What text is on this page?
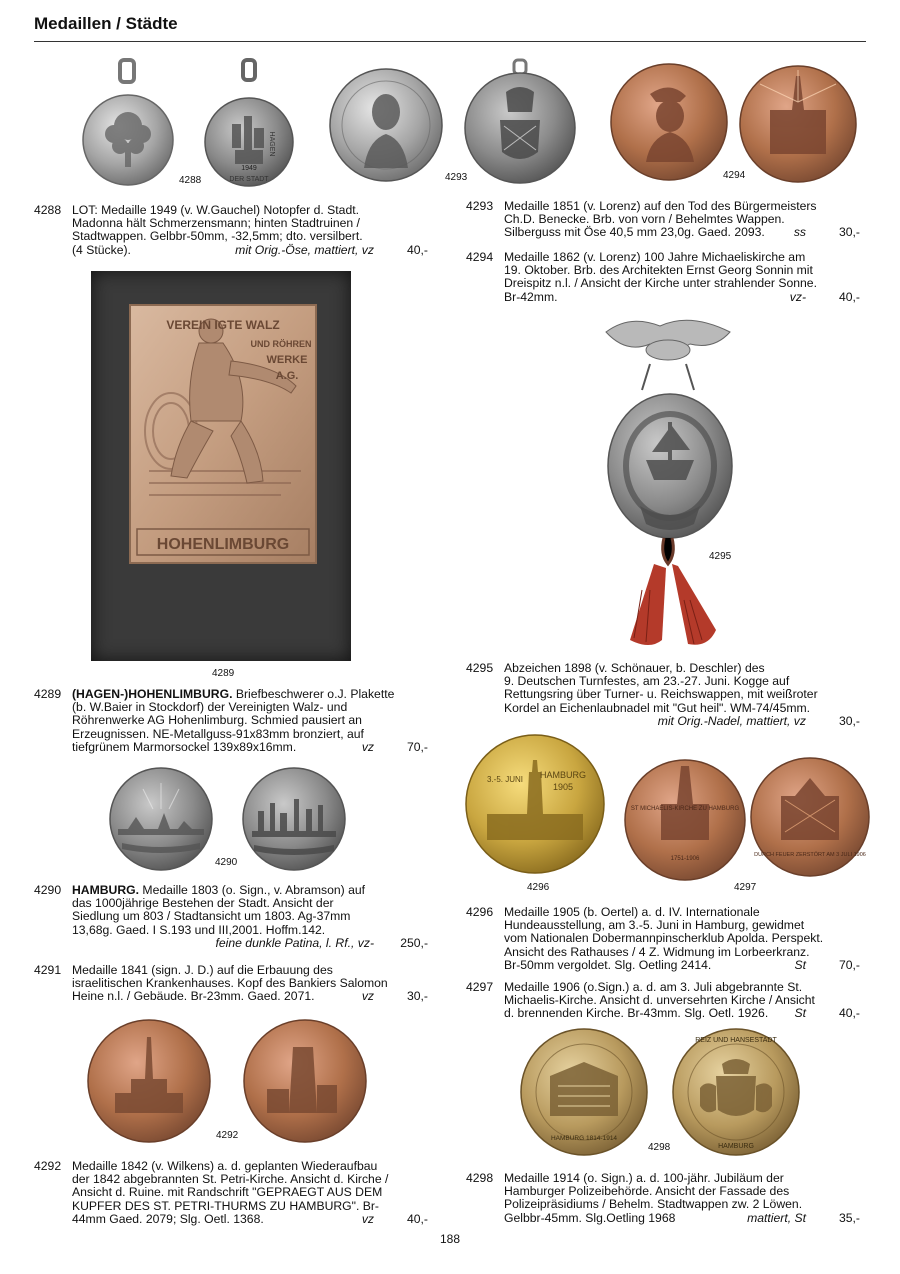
Medaillen / Städte
DER STADT
HAGEN
1949
4288
VEREIN IGTE WALZ
UND RÖHREN
WERKE
A.G.
HOHENLIMBURG
4289
4290
4292
4293	4294
4295
3.-5. JUNI HAMBURG
1905
ST MICHAELIS-KIRCHE ZU HAMBURG
1751-1906
DURCH FEUER ZERSTÖRT AM 3 JULI 1906
4296	4297
HAMBURG 1814-1914
REIZ UND HANSESTADT
HAMBURG
4298
4288 LOT: Medaille 1949 (v. W.Gauchel) Notopfer d. Stadt.
Madonna hält Schmerzensmann; hinten Stadtruinen /
Stadtwappen. Gelbbr-50mm, -32,5mm; dto. versilbert.
(4 Stücke).	mit Orig.-Öse, mattiert, vz	40,-
4289 (HAGEN-)HOHENLIMBURG. Briefbeschwerer o.J. Plakette
(b. W.Baier in Stockdorf) der Vereinigten Walz- und
Röhrenwerke AG Hohenlimburg. Schmied pausiert an
Erzeugnissen. NE-Metallguss-91x83mm bronziert, auf
tiefgrünem Marmorsockel 139x89x16mm.	vz	70,-
4290 HAMBURG. Medaille 1803 (o. Sign., v. Abramson) auf
das 1000jährige Bestehen der Stadt. Ansicht der
Siedlung um 803 / Stadtansicht um 1803. Ag-37mm
13,68g. Gaed. I S.193 und III,2001. Hoffm.142.
feine dunkle Patina, l. Rf., vz-	250,-
4291 Medaille 1841 (sign. J. D.) auf die Erbauung des
israelitischen Krankenhauses. Kopf des Bankiers Salomon
Heine n.l. / Gebäude. Br-23mm. Gaed. 2071.	vz	30,-
4292 Medaille 1842 (v. Wilkens) a. d. geplanten Wiederaufbau
der 1842 abgebrannten St. Petri-Kirche. Ansicht d. Kirche /
Ansicht d. Ruine. mit Randschrift "GEPRAEGT AUS DEM
KUPFER DES ST. PETRI-THURMS ZU HAMBURG". Br-
44mm Gaed. 2079; Slg. Oetl. 1368.	vz	40,-
4293 Medaille 1851 (v. Lorenz) auf den Tod des Bürgermeisters
Ch.D. Benecke. Brb. von vorn / Behelmtes Wappen.
Silberguss mit Öse 40,5 mm 23,0g. Gaed. 2093.	ss	30,-
4294 Medaille 1862 (v. Lorenz) 100 Jahre Michaeliskirche am
19. Oktober. Brb. des Architekten Ernst Georg Sonnin mit
Dreispitz n.l. / Ansicht der Kirche unter strahlender Sonne.
Br-42mm.	vz-	40,-
4295 Abzeichen 1898 (v. Schönauer, b. Deschler) des
9. Deutschen Turnfestes, am 23.-27. Juni. Kogge auf
Rettungsring über Turner- u. Reichswappen, mit weißroter
Kordel an Eichenlaubnadel mit "Gut heil". WM-74/45mm.
mit Orig.-Nadel, mattiert, vz	30,-
4296 Medaille 1905 (b. Oertel) a. d. IV. Internationale
Hundeausstellung, am 3.-5. Juni in Hamburg, gewidmet
vom Nationalen Dobermannpinscherklub Apolda. Perspekt.
Ansicht des Rathauses / 4 Z. Widmung im Lorbeerkranz.
Br-50mm vergoldet. Slg. Oetling 2414.	St	70,-
4297 Medaille 1906 (o.Sign.) a. d. am 3. Juli abgebrannte St.
Michaelis-Kirche. Ansicht d. unversehrten Kirche / Ansicht
d. brennenden Kirche. Br-43mm. Slg. Oetl. 1926.	St	40,-
4298 Medaille 1914 (o. Sign.) a. d. 100-jähr. Jubiläum der
Hamburger Polizeibehörde. Ansicht der Fassade des
Polizeipräsidiums / Behelm. Stadtwappen zw. 2 Löwen.
Gelbbr-45mm. Slg.Oetling 1968	mattiert, St	35,-
188
